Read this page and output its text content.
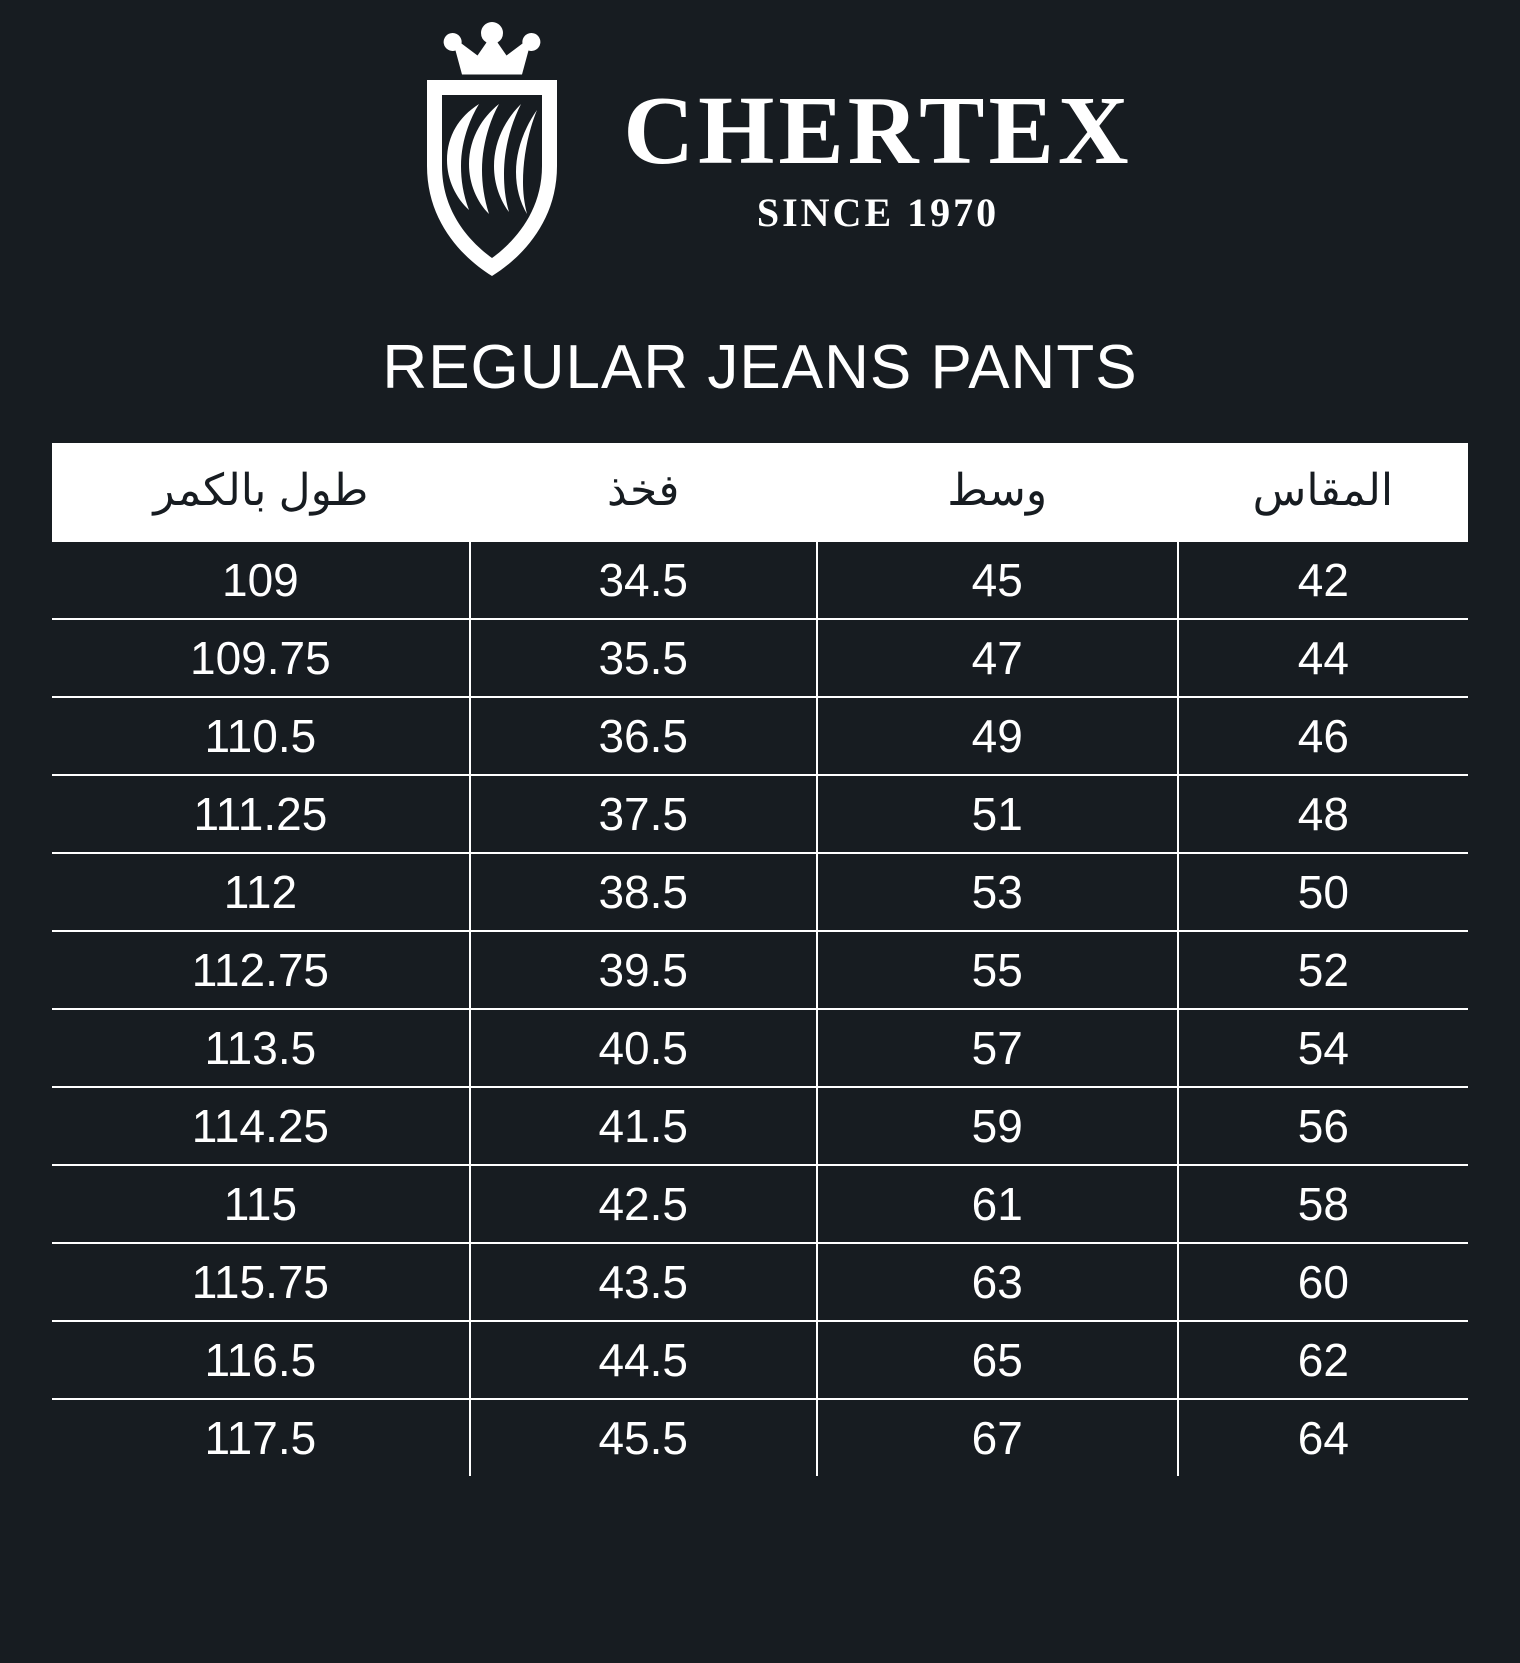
CHERTEX
SINCE 1970
REGULAR JEANS PANTS
المقاس	وسط	فخذ	طول بالكمر
42	45	34.5	109
44	47	35.5	109.75
46	49	36.5	110.5
48	51	37.5	111.25
50	53	38.5	112
52	55	39.5	112.75
54	57	40.5	113.5
56	59	41.5	114.25
58	61	42.5	115
60	63	43.5	115.75
62	65	44.5	116.5
64	67	45.5	117.5
